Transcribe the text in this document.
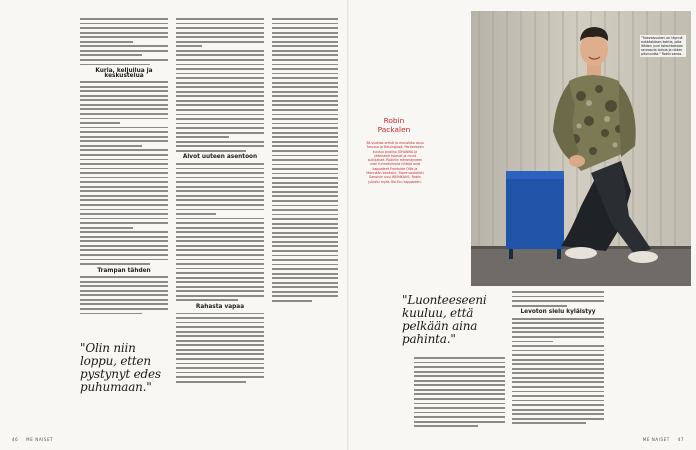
Kuria, keljuilua ja keskustelua
Trampan tähden
Aivot uuteen asentoon
Rahasta vapaa
"Olin niin loppu, etten pystynyt edes puhumaan."
46 ME NAISET
Robin Packalen
36-vuotias artisti ja muusikko asuu Turussa ja Helsingissä. Perheeseen kuuluu puoliso JOHANNA ja yhteisesti tulevat ja muut sukulaiset. Robinin menestyneen uran tunnetuimpia hittejä ovat kappaleet Frontside Ollie ja Mennään bänksiin. Tuore soolohitti Sanoisin uusi WEINKAUS. Robin julkaisi myös Ilta-Tuu kappaleen.
"Tulevaisuuteni on täynnä eukkäskäsen kohtia, joita lähden juuri toteuttamaan seuraavia toimia ja niiden pituisuutta." Robin sanoo.
"Luonteeseeni kuuluu, että pelkään aina pahinta."
Levoton sielu kyläistyy
ME NAISET 47
